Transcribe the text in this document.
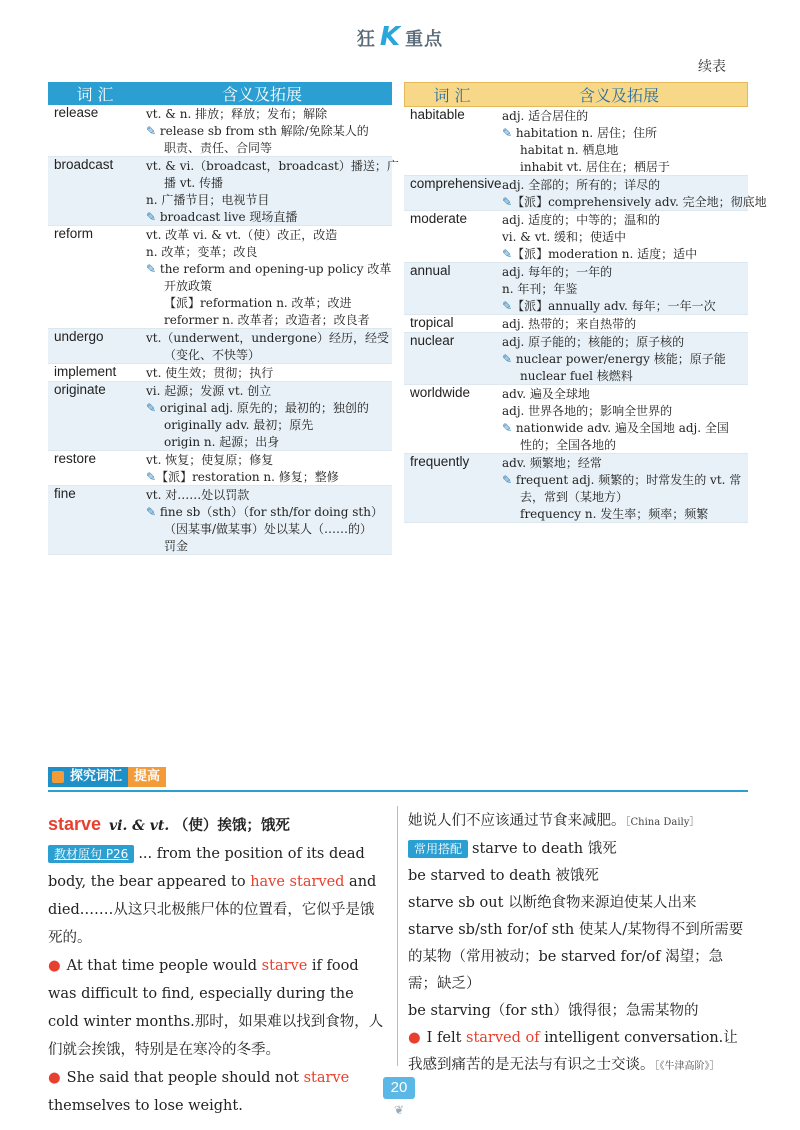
狂 K 重点
续表
词 汇	含义及拓展
release	vt. & n. 排放；释放；发布；解除
✎ release sb from sth 解除/免除某人的
职责、责任、合同等
broadcast	vt. & vi.（broadcast，broadcast）播送；广
播 vt. 传播
n. 广播节目；电视节目
✎ broadcast live 现场直播
reform	vt. 改革 vi. & vt.（使）改正，改造
n. 改革；变革；改良
✎ the reform and opening-up policy 改革
开放政策
【派】reformation n. 改革；改进
reformer n. 改革者；改造者；改良者
undergo	vt.（underwent，undergone）经历，经受
（变化、不快等）
implement	vt. 使生效；贯彻；执行
originate	vi. 起源；发源 vt. 创立
✎ original adj. 原先的；最初的；独创的
originally adv. 最初；原先
origin n. 起源；出身
restore	vt. 恢复；使复原；修复
✎【派】restoration n. 修复；整修
fine	vt. 对……处以罚款
✎ fine sb（sth）（for sth/for doing sth）
（因某事/做某事）处以某人（……的）
罚金
词 汇	含义及拓展
habitable	adj. 适合居住的
✎ habitation n. 居住；住所
habitat n. 栖息地
inhabit vt. 居住在；栖居于
comprehensive adj. 全部的；所有的；详尽的
✎【派】comprehensively adv. 完全地；彻底地
moderate	adj. 适度的；中等的；温和的
vi. & vt. 缓和；使适中
✎【派】moderation n. 适度；适中
annual	adj. 每年的；一年的
n. 年刊；年鉴
✎【派】annually adv. 每年；一年一次
tropical	adj. 热带的；来自热带的
nuclear	adj. 原子能的；核能的；原子核的
✎ nuclear power/energy 核能；原子能
nuclear fuel 核燃料
worldwide	adv. 遍及全球地
adj. 世界各地的；影响全世界的
✎ nationwide adv. 遍及全国地 adj. 全国
性的；全国各地的
frequently	adv. 频繁地；经常
✎ frequent adj. 频繁的；时常发生的 vt. 常
去，常到（某地方）
frequency n. 发生率；频率；频繁
探究词汇 提高
starve vi. & vt. （使）挨饿；饿死
教材原句 P26 ... from the position of its dead body, the bear appeared to have starved and died.……从这只北极熊尸体的位置看，它似乎是饿死的。
● At that time people would starve if food was difficult to find, especially during the cold winter months.那时，如果难以找到食物，人们就会挨饿，特别是在寒冷的冬季。
● She said that people should not starve themselves to lose weight.
她说人们不应该通过节食来减肥。［China Daily］
常用搭配 starve to death 饿死
be starved to death 被饿死
starve sb out 以断绝食物来源迫使某人出来
starve sb/sth for/of sth 使某人/某物得不到所需要的某物（常用被动；be starved for/of 渴望；急需；缺乏）
be starving（for sth）饿得很；急需某物的
● I felt starved of intelligent conversation.让我感到痛苦的是无法与有识之士交谈。［《牛津高阶》］
20
❦
